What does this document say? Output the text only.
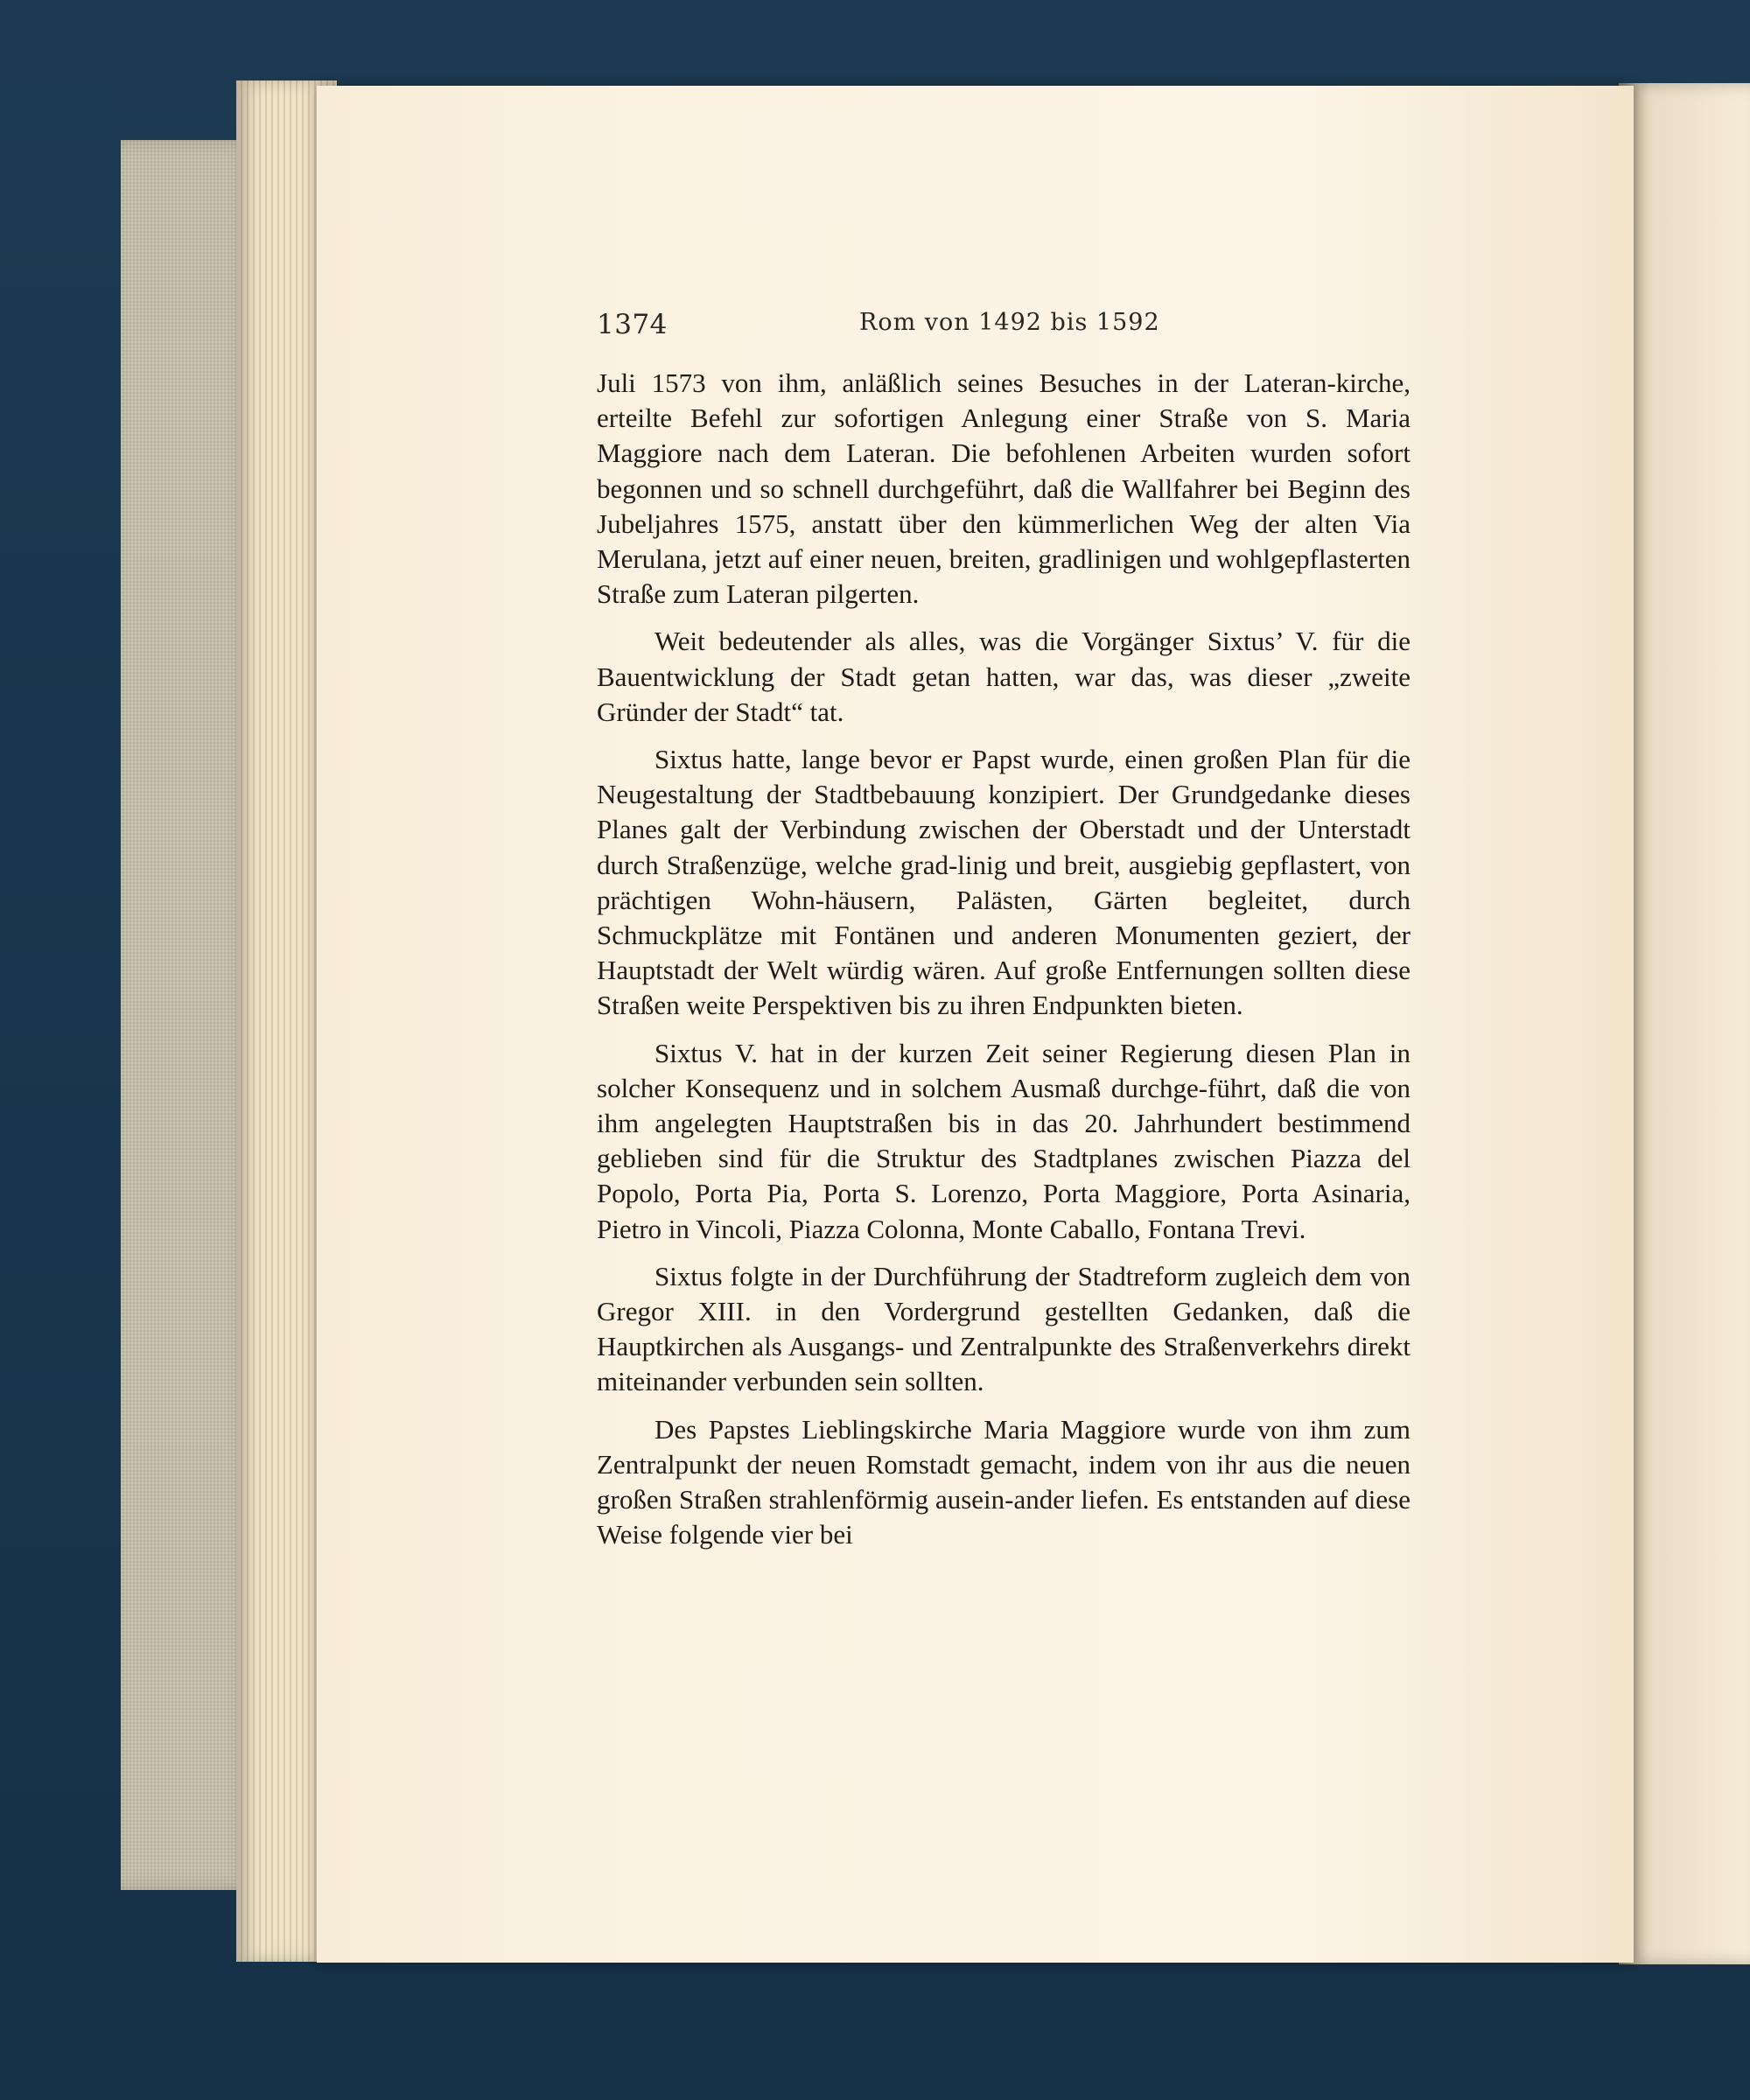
1374	Rom von 1492 bis 1592

Juli 1573 von ihm, anläßlich seines Besuches in der Lateran-kirche, erteilte Befehl zur sofortigen Anlegung einer Straße von S. Maria Maggiore nach dem Lateran. Die befohlenen Arbeiten wurden sofort begonnen und so schnell durchgeführt, daß die Wallfahrer bei Beginn des Jubeljahres 1575, anstatt über den kümmerlichen Weg der alten Via Merulana, jetzt auf einer neuen, breiten, gradlinigen und wohlgepflasterten Straße zum Lateran pilgerten.

Weit bedeutender als alles, was die Vorgänger Sixtus’ V. für die Bauentwicklung der Stadt getan hatten, war das, was dieser „zweite Gründer der Stadt“ tat.

Sixtus hatte, lange bevor er Papst wurde, einen großen Plan für die Neugestaltung der Stadtbebauung konzipiert. Der Grundgedanke dieses Planes galt der Verbindung zwischen der Oberstadt und der Unterstadt durch Straßenzüge, welche grad-linig und breit, ausgiebig gepflastert, von prächtigen Wohn-häusern, Palästen, Gärten begleitet, durch Schmuckplätze mit Fontänen und anderen Monumenten geziert, der Hauptstadt der Welt würdig wären. Auf große Entfernungen sollten diese Straßen weite Perspektiven bis zu ihren Endpunkten bieten.

Sixtus V. hat in der kurzen Zeit seiner Regierung diesen Plan in solcher Konsequenz und in solchem Ausmaß durchge-führt, daß die von ihm angelegten Hauptstraßen bis in das 20. Jahrhundert bestimmend geblieben sind für die Struktur des Stadtplanes zwischen Piazza del Popolo, Porta Pia, Porta S. Lorenzo, Porta Maggiore, Porta Asinaria, Pietro in Vincoli, Piazza Colonna, Monte Caballo, Fontana Trevi.

Sixtus folgte in der Durchführung der Stadtreform zugleich dem von Gregor XIII. in den Vordergrund gestellten Gedanken, daß die Hauptkirchen als Ausgangs- und Zentralpunkte des Straßenverkehrs direkt miteinander verbunden sein sollten.

Des Papstes Lieblingskirche Maria Maggiore wurde von ihm zum Zentralpunkt der neuen Romstadt gemacht, indem von ihr aus die neuen großen Straßen strahlenförmig ausein-ander liefen. Es entstanden auf diese Weise folgende vier bei
